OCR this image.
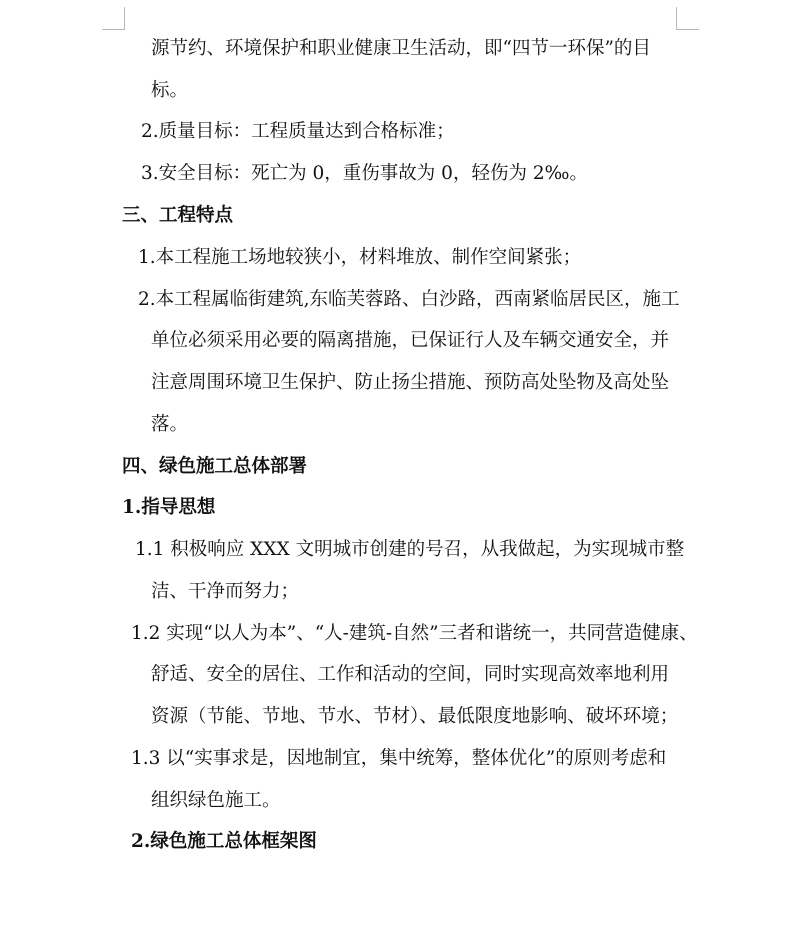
源节约、环境保护和职业健康卫生活动，即“四节一环保”的目
标。
2.质量目标：工程质量达到合格标准；
3.安全目标：死亡为 0，重伤事故为 0，轻伤为 2‰。
三、工程特点
1.本工程施工场地较狭小，材料堆放、制作空间紧张；
2.本工程属临街建筑,东临芙蓉路、白沙路，西南紧临居民区，施工
单位必须采用必要的隔离措施，已保证行人及车辆交通安全，并
注意周围环境卫生保护、防止扬尘措施、预防高处坠物及高处坠
落。
四、绿色施工总体部署
1.指导思想
1.1 积极响应 XXX 文明城市创建的号召，从我做起，为实现城市整
洁、干净而努力；
1.2 实现“以人为本”、“人-建筑-自然”三者和谐统一，共同营造健康、
舒适、安全的居住、工作和活动的空间，同时实现高效率地利用
资源（节能、节地、节水、节材）、最低限度地影响、破坏环境；
1.3 以“实事求是，因地制宜，集中统筹，整体优化”的原则考虑和
组织绿色施工。
2.绿色施工总体框架图
